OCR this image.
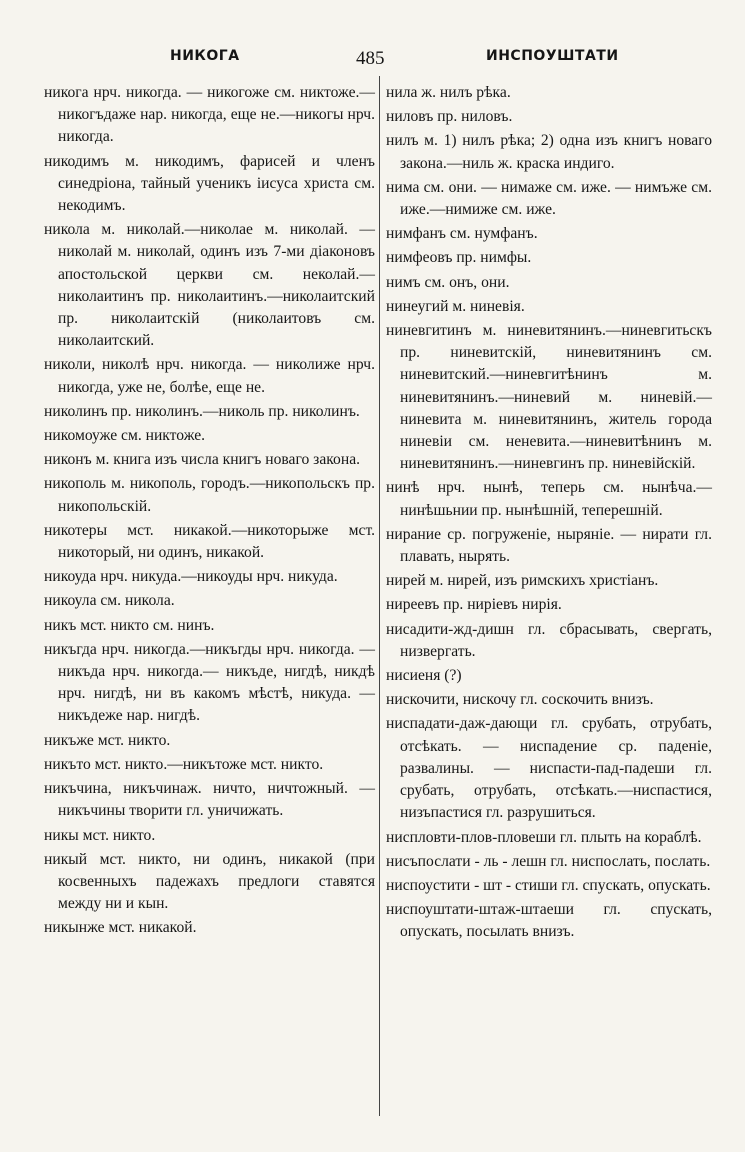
НИКОГА	485	ИНСПОУШТАТИ

никога нрч. никогда. — никогоже см. никтоже.— никогъдаже нар. никогда, еще не.—никогы нрч. никогда.

никодимъ м. никодимъ, фарисей и членъ синедріона, тайный ученикъ іисуса христа см. некодимъ.

никола м. николай.—николае м. николай. —николай м. николай, одинъ изъ 7-ми діаконовъ апостольской церкви см. неколай.—николаитинъ пр. николаитинъ.—николаитский пр. николаитскій (николаитовъ см. николаитский.

николи, николѣ нрч. никогда. — николиже нрч. никогда, уже не, болѣе, еще не.

николинъ пр. николинъ.—николь пр. николинъ.

никомоуже см. никтоже.

никонъ м. книга изъ числа книгъ новаго закона.

никополь м. никополь, городъ.—никопольскъ пр. никопольскій.

никотеры мст. никакой.—никоторыже мст. никоторый, ни одинъ, никакой.

никоуда нрч. никуда.—никоуды нрч. никуда.

никоула см. никола.

никъ мст. никто см. нинъ.

никъгда нрч. никогда.—никъгды нрч. никогда. — никъда нрч. никогда.— никъде, нигдѣ, никдѣ нрч. нигдѣ, ни въ какомъ мѣстѣ, никуда. — никъдеже нар. нигдѣ.

никъже мст. никто.

никъто мст. никто.—никътоже мст. никто.

никъчина, никъчинаж. ничто, ничтожный. — никъчины творити гл. уничижать.

никы мст. никто.

никый мст. никто, ни одинъ, никакой (при косвенныхъ падежахъ предлоги ставятся между ни и кын.

никынже мст. никакой.

нила ж. нилъ рѣка.

ниловъ пр. ниловъ.

нилъ м. 1) нилъ рѣка; 2) одна изъ книгъ новаго закона.—ниль ж. краска индиго.

нима см. они. — нимаже см. иже. — нимъже см. иже.—нимиже см. иже.

нимфанъ см. нумфанъ.

нимфеовъ пр. нимфы.

нимъ см. онъ, они.

нинеугий м. ниневія.

ниневгитинъ м. ниневитянинъ.—ниневгитьскъ пр. ниневитскій, ниневитянинъ см. ниневитский.—ниневгитѣнинъ м. ниневитянинъ.—ниневий м. ниневій.—ниневита м. ниневитянинъ, житель города ниневіи см. неневита.—ниневитѣнинъ м. ниневитянинъ.—ниневгинъ пр. ниневійскій.

нинѣ нрч. нынѣ, теперь см. нынѣча.—нинѣшьнии пр. нынѣшній, теперешній.

нирание ср. погруженіе, ныряніе. — нирати гл. плавать, нырять.

нирей м. нирей, изъ римскихъ христіанъ.

ниреевъ пр. ниріевъ нирія.

нисадити-жд-дишн гл. сбрасывать, свергать, низвергать.

нисиеня (?)

нискочити, нискочу гл. соскочить внизъ.

ниспадати-даж-дающи гл. срубать, отрубать, отсѣкать. — ниспадение ср. паденіе, развалины. — ниспасти-пад-падеши гл. срубать, отрубать, отсѣкать.—ниспастися, низъпастися гл. разрушиться.

ниспловти-плов-пловеши гл. плыть на кораблѣ.

нисъпослати - ль - лешн гл. ниспослать, послать.

ниспоустити - шт - стиши гл. спускать, опускать.

ниспоуштати-штаж-штаеши гл. спускать, опускать, посылать внизъ.
